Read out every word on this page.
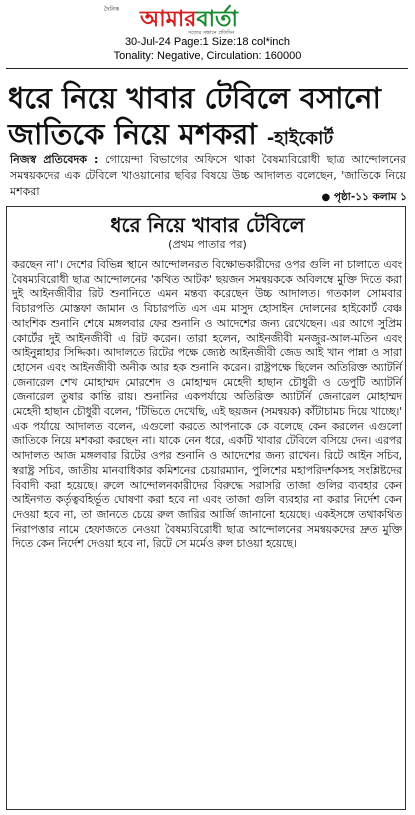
দৈনিক আমারবার্তা
সত্যের সন্ধানে প্রতিদিন
30-Jul-24 Page:1 Size:18 col*inch
Tonality: Negative, Circulation: 160000
ধরে নিয়ে খাবার টেবিলে বসানো
জাতিকে নিয়ে মশকরা -হাইকোর্ট
নিজস্ব প্রতিবেদক : গোয়েন্দা বিভাগের অফিসে থাকা বৈষম্যবিরোধী ছাত্র আন্দোলনের সমন্বয়কদের এক টেবিলে খাওয়ানোর ছবির বিষয়ে উচ্চ আদালত বলেছেন, 'জাতিকে নিয়ে মশকরা	● পৃষ্ঠা-১১ কলাম ১
ধরে নিয়ে খাবার টেবিলে
(প্রথম পাতার পর)
করছেন না'। দেশের বিভিন্ন স্থানে আন্দোলনরত বিক্ষোভকারীদের ওপর গুলি না চালাতে এবং বৈষম্যবিরোধী ছাত্র আন্দোলনের 'কথিত আটক' ছয়জন সমন্বয়ককে অবিলম্বে মুক্তি দিতে করা দুই আইনজীবীর রিট শুনানিতে এমন মন্তব্য করেছেন উচ্চ আদালত। গতকাল সোমবার বিচারপতি মোস্তফা জামান ও বিচারপতি এস এম মাসুদ হোসাইন দোলনের হাইকোর্ট বেঞ্চ আংশিক শুনানি শেষে মঙ্গলবার ফের শুনানি ও আদেশের জন্য রেখেছেন। এর আগে সুপ্রিম কোর্টের দুই আইনজীবী এ রিট করেন। তারা হলেন, আইনজীবী মনজুর-আল-মতিন এবং আইনুন্নাহার সিদ্দিকা। আদালতে রিটের পক্ষে জ্যেষ্ঠ আইনজীবী জেড আই খান পান্না ও সারা হোসেন এবং আইনজীবী অনীক আর হক শুনানি করেন। রাষ্ট্রপক্ষে ছিলেন অতিরিক্ত অ্যাটর্নি জেনারেল শেখ মোহাম্মদ মোরশেদ ও মোহাম্মদ মেহেদী হাছান চৌধুরী ও ডেপুটি অ্যাটর্নি জেনারেল তুষার কান্তি রায়। শুনানির একপর্যায়ে অতিরিক্ত অ্যাটর্নি জেনারেল মোহাম্মদ মেহেদী হাছান চৌধুরী বলেন, 'টিভিতে দেখেছি, এই ছয়জন (সমন্বয়ক) কাঁটাচামচ দিয়ে খাচ্ছে।' এক পর্যায়ে আদালত বলেন, এগুলো করতে আপনাকে কে বলেছে কেন করলেন এগুলো জাতিকে নিয়ে মশকরা করছেন না। যাকে নেন ধরে, একটি খাবার টেবিলে বসিয়ে দেন। এরপর আদালত আজ মঙ্গলবার রিটের ওপর শুনানি ও আদেশের জন্য রাখেন। রিটে আইন সচিব, স্বরাষ্ট্র সচিব, জাতীয় মানবাধিকার কমিশনের চেয়ারম্যান, পুলিশের মহাপরিদর্শকসহ সংশ্লিষ্টদের বিবাদী করা হয়েছে। রুলে আন্দোলনকারীদের বিরুদ্ধে সরাসরি তাজা গুলির ব্যবহার কেন আইনগত কর্তৃত্ববহির্ভূত ঘোষণা করা হবে না এবং তাজা গুলি ব্যবহার না করার নির্দেশ কেন দেওয়া হবে না, তা জানতে চেয়ে রুল জারির আর্জি জানানো হয়েছে। একইসঙ্গে তথাকথিত নিরাপত্তার নামে হেফাজতে নেওয়া বৈষম্যবিরোধী ছাত্র আন্দোলনের সমন্বয়কদের দ্রুত মুক্তি দিতে কেন নির্দেশ দেওয়া হবে না, রিটে সে মর্মেও রুল চাওয়া হয়েছে।
